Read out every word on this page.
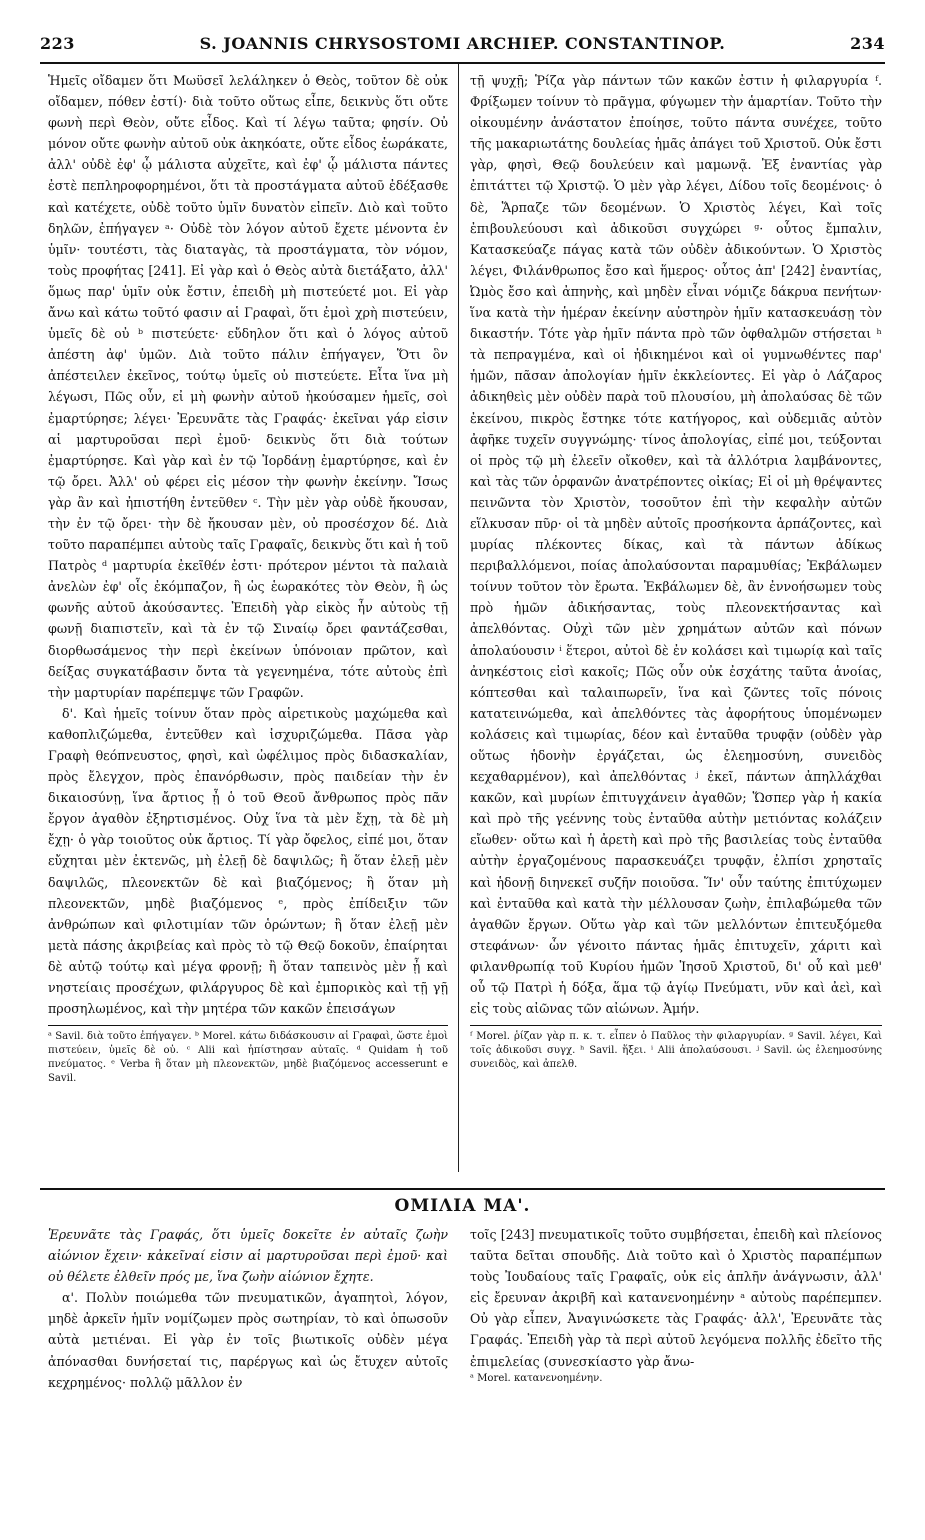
223	S. JOANNIS CHRYSOSTOMI ARCHIEP. CONSTANTINOP.	234

Ἡμεῖς οἴδαμεν ὅτι Μωϋσεῖ λελάληκεν ὁ Θεὸς, τοῦτον δὲ οὐκ οἴδαμεν, πόθεν ἐστί)· διὰ τοῦτο οὕτως εἶπε, δεικνὺς ὅτι οὔτε φωνὴ περὶ Θεὸν, οὔτε εἶδος. Καὶ τί λέγω ταῦτα; φησίν. Οὐ μόνον οὔτε φωνὴν αὐτοῦ οὐκ ἀκηκόατε, οὔτε εἶδος ἑωράκατε, ἀλλ' οὐδὲ ἐφ' ᾧ μάλιστα αὐχεῖτε, καὶ ἐφ' ᾧ μάλιστα πάντες ἐστὲ πεπληροφορημένοι, ὅτι τὰ προστάγματα αὐτοῦ ἐδέξασθε καὶ κατέχετε, οὐδὲ τοῦτο ὑμῖν δυνατὸν εἰπεῖν. Διὸ καὶ τοῦτο δηλῶν, ἐπήγαγεν ᵃ· Οὐδὲ τὸν λόγον αὐτοῦ ἔχετε μένοντα ἐν ὑμῖν· τουτέστι, τὰς διαταγὰς, τὰ προστάγματα, τὸν νόμον, τοὺς προφήτας [241]. Εἰ γὰρ καὶ ὁ Θεὸς αὐτὰ διετάξατο, ἀλλ' ὅμως παρ' ὑμῖν οὐκ ἔστιν, ἐπειδὴ μὴ πιστεύετέ μοι. Εἰ γὰρ ἄνω καὶ κάτω τοῦτό φασιν αἱ Γραφαὶ, ὅτι ἐμοὶ χρὴ πιστεύειν, ὑμεῖς δὲ οὐ ᵇ πιστεύετε· εὔδηλον ὅτι καὶ ὁ λόγος αὐτοῦ ἀπέστη ἀφ' ὑμῶν. Διὰ τοῦτο πάλιν ἐπήγαγεν, Ὅτι ὃν ἀπέστειλεν ἐκεῖνος, τούτῳ ὑμεῖς οὐ πιστεύετε. Εἶτα ἵνα μὴ λέγωσι, Πῶς οὖν, εἰ μὴ φωνὴν αὐτοῦ ἠκούσαμεν ἡμεῖς, σοὶ ἐμαρτύρησε; λέγει· Ἐρευνᾶτε τὰς Γραφάς· ἐκεῖναι γάρ εἰσιν αἱ μαρτυροῦσαι περὶ ἐμοῦ· δεικνὺς ὅτι διὰ τούτων ἐμαρτύρησε. Καὶ γὰρ καὶ ἐν τῷ Ἰορδάνῃ ἐμαρτύρησε, καὶ ἐν τῷ ὄρει. Ἀλλ' οὐ φέρει εἰς μέσον τὴν φωνὴν ἐκείνην. Ἴσως γὰρ ἂν καὶ ἠπιστήθη ἐντεῦθεν ᶜ. Τὴν μὲν γὰρ οὐδὲ ἤκουσαν, τὴν ἐν τῷ ὄρει· τὴν δὲ ἤκουσαν μὲν, οὐ προσέσχον δέ. Διὰ τοῦτο παραπέμπει αὐτοὺς ταῖς Γραφαῖς, δεικνὺς ὅτι καὶ ἡ τοῦ Πατρὸς ᵈ μαρτυρία ἐκεῖθέν ἐστι· πρότερον μέντοι τὰ παλαιὰ ἀνελὼν ἐφ' οἷς ἐκόμπαζον, ἢ ὡς ἑωρακότες τὸν Θεὸν, ἢ ὡς φωνῆς αὐτοῦ ἀκούσαντες. Ἐπειδὴ γὰρ εἰκὸς ἦν αὐτοὺς τῇ φωνῇ διαπιστεῖν, καὶ τὰ ἐν τῷ Σιναίῳ ὄρει φαντάζεσθαι, διορθωσάμενος τὴν περὶ ἐκείνων ὑπόνοιαν πρῶτον, καὶ δείξας συγκατάβασιν ὄντα τὰ γεγενημένα, τότε αὐτοὺς ἐπὶ τὴν μαρτυρίαν παρέπεμψε τῶν Γραφῶν.

δ'. Καὶ ἡμεῖς τοίνυν ὅταν πρὸς αἱρετικοὺς μαχώμεθα καὶ καθοπλιζώμεθα, ἐντεῦθεν καὶ ἰσχυριζώμεθα. Πᾶσα γὰρ Γραφὴ θεόπνευστος, φησὶ, καὶ ὠφέλιμος πρὸς διδασκαλίαν, πρὸς ἔλεγχον, πρὸς ἐπανόρθωσιν, πρὸς παιδείαν τὴν ἐν δικαιοσύνῃ, ἵνα ἄρτιος ᾖ ὁ τοῦ Θεοῦ ἄνθρωπος πρὸς πᾶν ἔργον ἀγαθὸν ἐξηρτισμένος. Οὐχ ἵνα τὰ μὲν ἔχῃ, τὰ δὲ μὴ ἔχῃ· ὁ γὰρ τοιοῦτος οὐκ ἄρτιος. Τί γὰρ ὄφελος, εἰπέ μοι, ὅταν εὔχηται μὲν ἐκτενῶς, μὴ ἐλεῇ δὲ δαψιλῶς; ἢ ὅταν ἐλεῇ μὲν δαψιλῶς, πλεονεκτῶν δὲ καὶ βιαζόμενος; ἢ ὅταν μὴ πλεονεκτῶν, μηδὲ βιαζόμενος ᵉ, πρὸς ἐπίδειξιν τῶν ἀνθρώπων καὶ φιλοτιμίαν τῶν ὁρώντων; ἢ ὅταν ἐλεῇ μὲν μετὰ πάσης ἀκριβείας καὶ πρὸς τὸ τῷ Θεῷ δοκοῦν, ἐπαίρηται δὲ αὐτῷ τούτῳ καὶ μέγα φρονῇ; ἢ ὅταν ταπεινὸς μὲν ᾖ καὶ νηστείαις προσέχων, φιλάργυρος δὲ καὶ ἐμπορικὸς καὶ τῇ γῇ προσηλωμένος, καὶ τὴν μητέρα τῶν κακῶν ἐπεισάγων

ᵃ Savil. διὰ τοῦτο ἐπήγαγεν. ᵇ Morel. κάτω διδάσκουσιν αἱ Γραφαὶ, ὥστε ἐμοὶ πιστεύειν, ὑμεῖς δὲ οὐ. ᶜ Alii καὶ ἠπίστησαν αὐταῖς. ᵈ Quidam ἡ τοῦ πνεύματος. ᵉ Verba ἢ ὅταν μὴ πλεονεκτῶν, μηδὲ βιαζόμενος accesserunt e Savil.

τῇ ψυχῇ; Ῥίζα γὰρ πάντων τῶν κακῶν ἐστιν ἡ φιλαργυρία ᶠ. Φρίξωμεν τοίνυν τὸ πρᾶγμα, φύγωμεν τὴν ἁμαρτίαν. Τοῦτο τὴν οἰκουμένην ἀνάστατον ἐποίησε, τοῦτο πάντα συνέχεε, τοῦτο τῆς μακαριωτάτης δουλείας ἡμᾶς ἀπάγει τοῦ Χριστοῦ. Οὐκ ἔστι γὰρ, φησὶ, Θεῷ δουλεύειν καὶ μαμωνᾷ. Ἐξ ἐναντίας γὰρ ἐπιτάττει τῷ Χριστῷ. Ὁ μὲν γὰρ λέγει, Δίδου τοῖς δεομένοις· ὁ δὲ, Ἅρπαζε τῶν δεομένων. Ὁ Χριστὸς λέγει, Καὶ τοῖς ἐπιβουλεύουσι καὶ ἀδικοῦσι συγχώρει ᵍ· οὗτος ἔμπαλιν, Κατασκεύαζε πάγας κατὰ τῶν οὐδὲν ἀδικούντων. Ὁ Χριστὸς λέγει, Φιλάνθρωπος ἔσο καὶ ἥμερος· οὗτος ἀπ' [242] ἐναντίας, Ὠμὸς ἔσο καὶ ἀπηνὴς, καὶ μηδὲν εἶναι νόμιζε δάκρυα πενήτων· ἵνα κατὰ τὴν ἡμέραν ἐκείνην αὐστηρὸν ἡμῖν κατασκευάσῃ τὸν δικαστήν. Τότε γὰρ ἡμῖν πάντα πρὸ τῶν ὀφθαλμῶν στήσεται ʰ τὰ πεπραγμένα, καὶ οἱ ἠδικημένοι καὶ οἱ γυμνωθέντες παρ' ἡμῶν, πᾶσαν ἀπολογίαν ἡμῖν ἐκκλείοντες. Εἰ γὰρ ὁ Λάζαρος ἀδικηθεὶς μὲν οὐδὲν παρὰ τοῦ πλουσίου, μὴ ἀπολαύσας δὲ τῶν ἐκείνου, πικρὸς ἔστηκε τότε κατήγορος, καὶ οὐδεμιᾶς αὐτὸν ἀφῆκε τυχεῖν συγγνώμης· τίνος ἀπολογίας, εἰπέ μοι, τεύξονται οἱ πρὸς τῷ μὴ ἐλεεῖν οἴκοθεν, καὶ τὰ ἀλλότρια λαμβάνοντες, καὶ τὰς τῶν ὀρφανῶν ἀνατρέποντες οἰκίας; Εἰ οἱ μὴ θρέψαντες πεινῶντα τὸν Χριστὸν, τοσοῦτον ἐπὶ τὴν κεφαλὴν αὐτῶν εἵλκυσαν πῦρ· οἱ τὰ μηδὲν αὐτοῖς προσήκοντα ἁρπάζοντες, καὶ μυρίας πλέκοντες δίκας, καὶ τὰ πάντων ἀδίκως περιβαλλόμενοι, ποίας ἀπολαύσονται παραμυθίας; Ἐκβάλωμεν τοίνυν τοῦτον τὸν ἔρωτα. Ἐκβάλωμεν δὲ, ἂν ἐννοήσωμεν τοὺς πρὸ ἡμῶν ἀδικήσαντας, τοὺς πλεονεκτήσαντας καὶ ἀπελθόντας. Οὐχὶ τῶν μὲν χρημάτων αὐτῶν καὶ πόνων ἀπολαύουσιν ⁱ ἕτεροι, αὐτοὶ δὲ ἐν κολάσει καὶ τιμωρίᾳ καὶ ταῖς ἀνηκέστοις εἰσὶ κακοῖς; Πῶς οὖν οὐκ ἐσχάτης ταῦτα ἀνοίας, κόπτεσθαι καὶ ταλαιπωρεῖν, ἵνα καὶ ζῶντες τοῖς πόνοις κατατεινώμεθα, καὶ ἀπελθόντες τὰς ἀφορήτους ὑπομένωμεν κολάσεις καὶ τιμωρίας, δέον καὶ ἐνταῦθα τρυφᾷν (οὐδὲν γὰρ οὕτως ἡδονὴν ἐργάζεται, ὡς ἐλεημοσύνη, συνειδὸς κεχαθαρμένον), καὶ ἀπελθόντας ʲ ἐκεῖ, πάντων ἀπηλλάχθαι κακῶν, καὶ μυρίων ἐπιτυγχάνειν ἀγαθῶν; Ὥσπερ γὰρ ἡ κακία καὶ πρὸ τῆς γεέννης τοὺς ἐνταῦθα αὐτὴν μετιόντας κολάζειν εἴωθεν· οὕτω καὶ ἡ ἀρετὴ καὶ πρὸ τῆς βασιλείας τοὺς ἐνταῦθα αὐτὴν ἐργαζομένους παρασκευάζει τρυφᾷν, ἐλπίσι χρησταῖς καὶ ἡδονῇ διηνεκεῖ συζῆν ποιοῦσα. Ἵν' οὖν ταύτης ἐπιτύχωμεν καὶ ἐνταῦθα καὶ κατὰ τὴν μέλλουσαν ζωὴν, ἐπιλαβώμεθα τῶν ἀγαθῶν ἔργων. Οὕτω γὰρ καὶ τῶν μελλόντων ἐπιτευξόμεθα στεφάνων· ὧν γένοιτο πάντας ἡμᾶς ἐπιτυχεῖν, χάριτι καὶ φιλανθρωπίᾳ τοῦ Κυρίου ἡμῶν Ἰησοῦ Χριστοῦ, δι' οὗ καὶ μεθ' οὗ τῷ Πατρὶ ἡ δόξα, ἅμα τῷ ἁγίῳ Πνεύματι, νῦν καὶ ἀεὶ, καὶ εἰς τοὺς αἰῶνας τῶν αἰώνων. Ἀμήν.

ᶠ Morel. ῥίζαν γὰρ π. κ. τ. εἶπεν ὁ Παῦλος τὴν φιλαργυρίαν. ᵍ Savil. λέγει, Καὶ τοῖς ἀδικοῦσι συγχ. ʰ Savil. ἥξει. ⁱ Alii ἀπολαύσουσι. ʲ Savil. ὡς ἐλεημοσύνης συνειδὸς, καὶ ἀπελθ.

ΟΜΙΛΙΑ ΜΑ'.

Ἐρευνᾶτε τὰς Γραφάς, ὅτι ὑμεῖς δοκεῖτε ἐν αὐταῖς ζωὴν αἰώνιον ἔχειν· κἀκεῖναί εἰσιν αἱ μαρτυροῦσαι περὶ ἐμοῦ· καὶ οὐ θέλετε ἐλθεῖν πρός με, ἵνα ζωὴν αἰώνιον ἔχητε.

α'. Πολὺν ποιώμεθα τῶν πνευματικῶν, ἀγαπητοὶ, λόγον, μηδὲ ἀρκεῖν ἡμῖν νομίζωμεν πρὸς σωτηρίαν, τὸ καὶ ὁπωσοῦν αὐτὰ μετιέναι. Εἰ γὰρ ἐν τοῖς βιωτικοῖς οὐδὲν μέγα ἀπόνασθαι δυνήσεταί τις, παρέργως καὶ ὡς ἔτυχεν αὐτοῖς κεχρημένος· πολλῷ μᾶλλον ἐν

τοῖς [243] πνευματικοῖς τοῦτο συμβήσεται, ἐπειδὴ καὶ πλείονος ταῦτα δεῖται σπουδῆς. Διὰ τοῦτο καὶ ὁ Χριστὸς παραπέμπων τοὺς Ἰουδαίους ταῖς Γραφαῖς, οὐκ εἰς ἁπλῆν ἀνάγνωσιν, ἀλλ' εἰς ἔρευναν ἀκριβῆ καὶ κατανενοημένην ᵃ αὐτοὺς παρέπεμπεν. Οὐ γὰρ εἶπεν, Ἀναγινώσκετε τὰς Γραφάς· ἀλλ', Ἐρευνᾶτε τὰς Γραφάς. Ἐπειδὴ γὰρ τὰ περὶ αὐτοῦ λεγόμενα πολλῆς ἐδεῖτο τῆς ἐπιμελείας (συνεσκίαστο γὰρ ἄνω-

ᵃ Morel. κατανενοημένην.
